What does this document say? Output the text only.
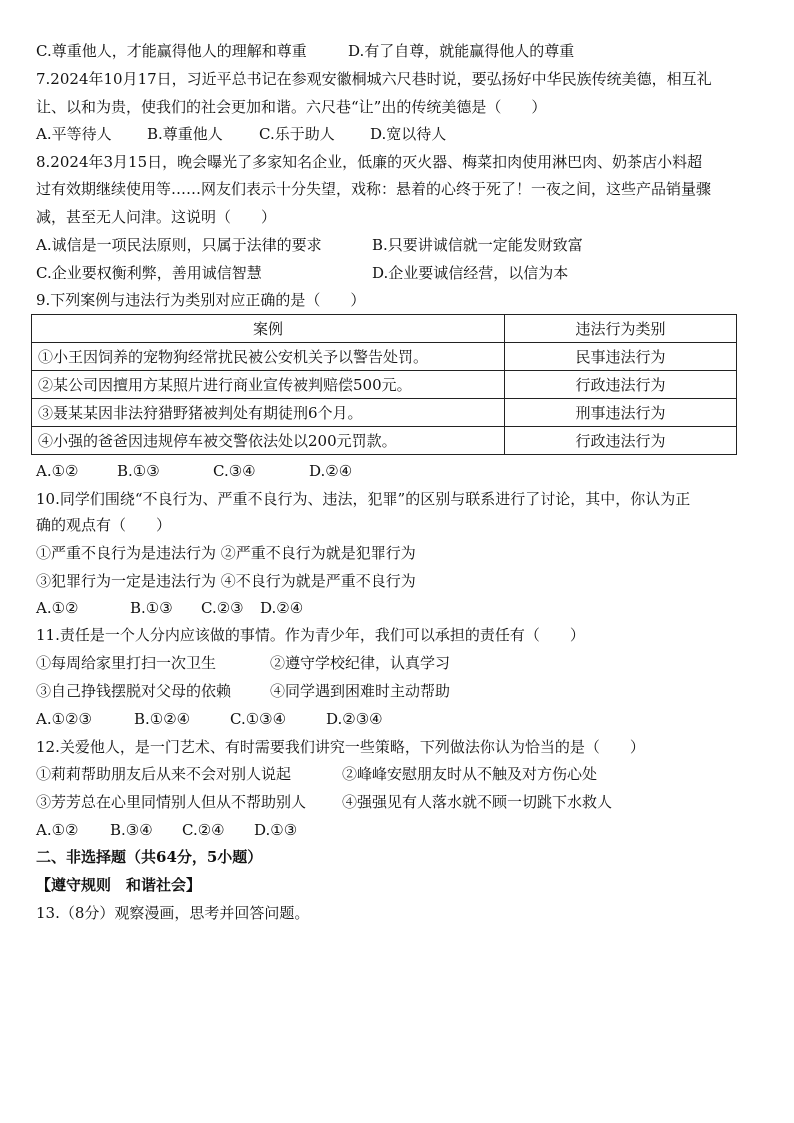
C.尊重他人，才能赢得他人的理解和尊重	D.有了自尊，就能赢得他人的尊重
7.2024年10月17日，习近平总书记在参观安徽桐城六尺巷时说，要弘扬好中华民族传统美德，相互礼
让、以和为贵，使我们的社会更加和谐。六尺巷“让”出的传统美德是（　　）
A.平等待人 B.尊重他人 C.乐于助人 D.宽以待人
8.2024年3月15日，晚会曝光了多家知名企业，低廉的灭火器、梅菜扣肉使用淋巴肉、奶茶店小料超
过有效期继续使用等……网友们表示十分失望，戏称：悬着的心终于死了！一夜之间，这些产品销量骤
减，甚至无人问津。这说明（　　）
A.诚信是一项民法原则，只属于法律的要求	B.只要讲诚信就一定能发财致富
C.企业要权衡利弊，善用诚信智慧	D.企业要诚信经营，以信为本
9.下列案例与违法行为类别对应正确的是（　　）
案例	违法行为类别
①小王因饲养的宠物狗经常扰民被公安机关予以警告处罚。	民事违法行为
②某公司因擅用方某照片进行商业宣传被判赔偿500元。	行政违法行为
③聂某某因非法狩猎野猪被判处有期徒刑6个月。	刑事违法行为
④小强的爸爸因违规停车被交警依法处以200元罚款。	行政违法行为
A.①②	B.①③	C.③④	D.②④
10.同学们围绕“不良行为、严重不良行为、违法，犯罪”的区别与联系进行了讨论，其中，你认为正
确的观点有（　　）
①严重不良行为是违法行为 ②严重不良行为就是犯罪行为
③犯罪行为一定是违法行为 ④不良行为就是严重不良行为
A.①②	B.①③ C.②③ D.②④
11.责任是一个人分内应该做的事情。作为青少年，我们可以承担的责任有（　　）
①每周给家里打扫一次卫生	②遵守学校纪律，认真学习
③自己挣钱摆脱对父母的依赖	④同学遇到困难时主动帮助
A.①②③	B.①②④	C.①③④	D.②③④
12.关爱他人，是一门艺术、有时需要我们讲究一些策略，下列做法你认为恰当的是（　　）
①莉莉帮助朋友后从来不会对别人说起	②峰峰安慰朋友时从不触及对方伤心处
③芳芳总在心里同情别人但从不帮助别人 ④强强见有人落水就不顾一切跳下水救人
A.①② B.③④ C.②④ D.①③
二、非选择题（共64分，5小题）
【遵守规则　和谐社会】
13.（8分）观察漫画，思考并回答问题。
